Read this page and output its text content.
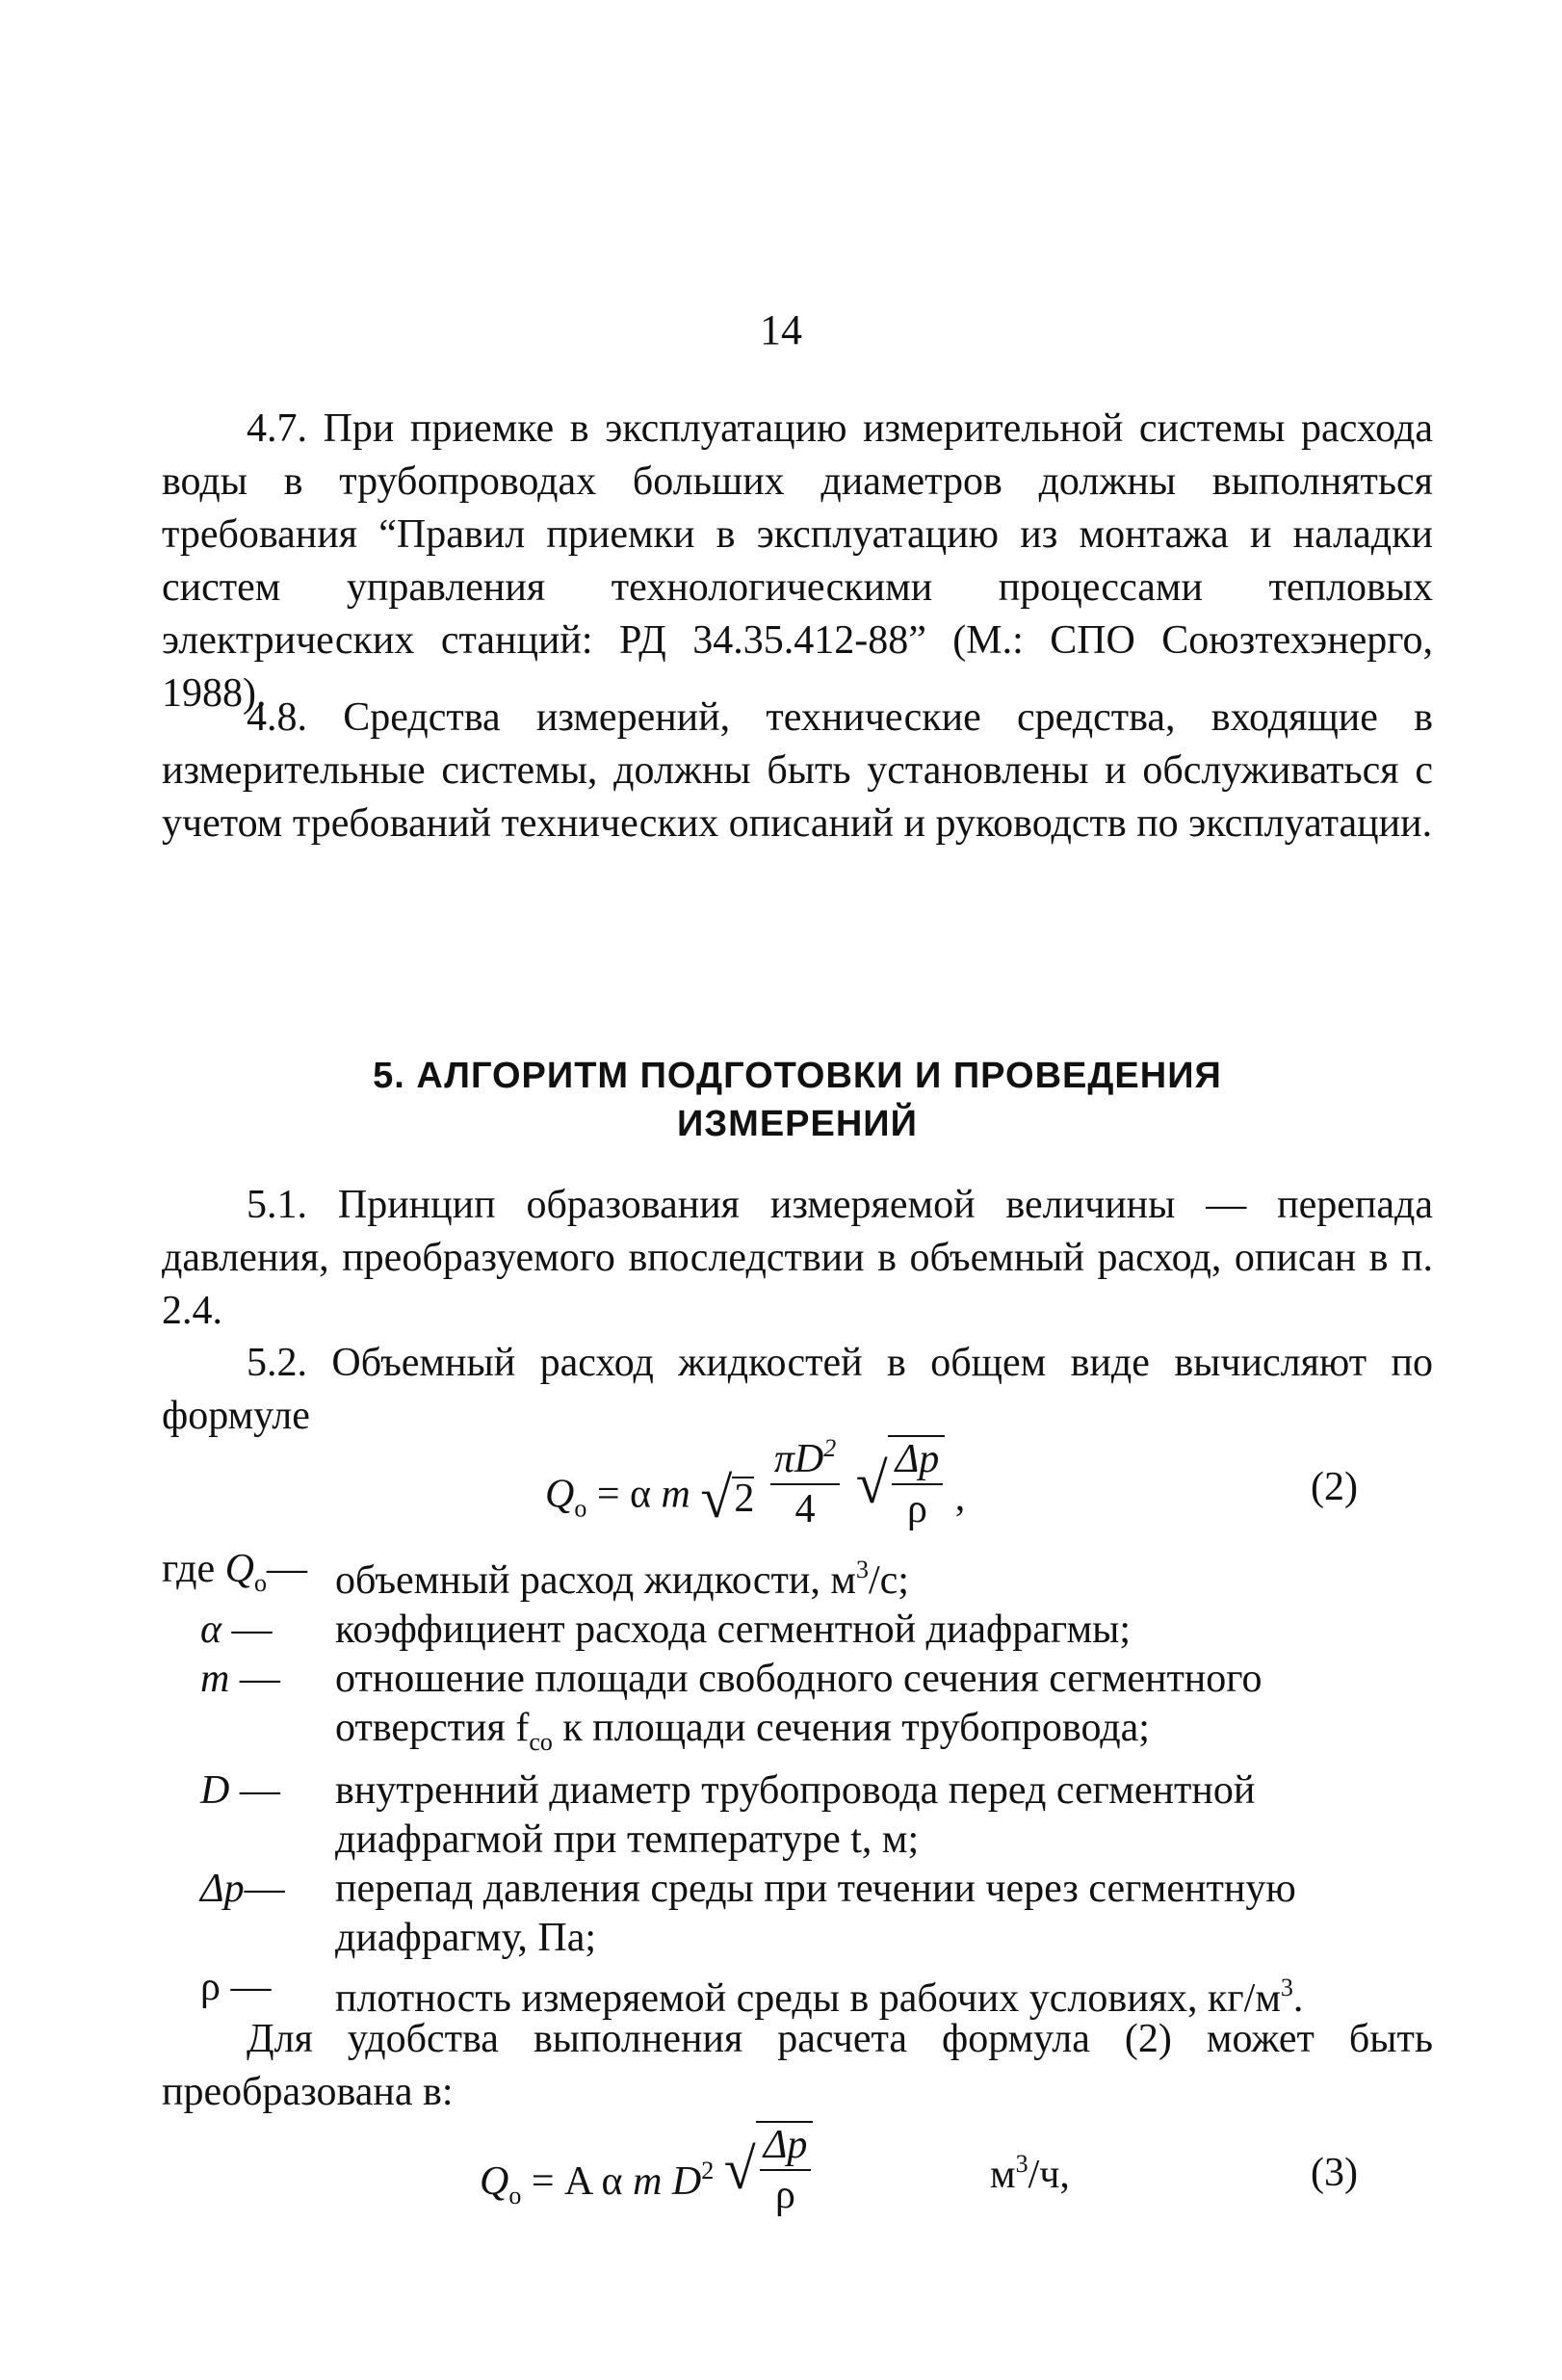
14

4.7. При приемке в эксплуатацию измерительной системы расхода воды в трубопроводах больших диаметров должны выполняться требования “Правил приемки в эксплуатацию из монтажа и наладки систем управления технологическими процессами тепловых электрических станций: РД 34.35.412-88” (М.: СПО Союзтехэнерго, 1988).

4.8. Средства измерений, технические средства, входящие в измерительные системы, должны быть установлены и обслуживаться с учетом требований технических описаний и руководств по эксплуатации.

5. АЛГОРИТМ ПОДГОТОВКИ И ПРОВЕДЕНИЯ
ИЗМЕРЕНИЙ

5.1. Принцип образования измеряемой величины — перепада давления, преобразуемого впоследствии в объемный расход, описан в п. 2.4.

5.2. Объемный расход жидкостей в общем виде вычисляют по формуле

$Q_о = \alpha$ m $√2 \frac{\pi D^2}{4}$ √ $\frac{\Delta p}{\rho}$ ,	(2)
где $Q_о—$ объемный расход жидкости, $м^3/с$;
α —	коэффициент расхода сегментной диафрагмы;
m —	отношение площади свободного сечения сегментного
отверстия $f_{со}$ к площади сечения трубопровода;
D —	внутренний диаметр трубопровода перед сегментной
диафрагмой при температуре t, м;
Δp—	перепад давления среды при течении через сегментную
диафрагму, Па;
ρ —	плотность измеряемой среды в рабочих условиях, $кг/м^3$.

Для удобства выполнения расчета формула (2) может быть преобразована в:

$Q_о = A$ α m $D^2$ √ $\frac{\Delta p}{\rho}$	$м^3/ч$,	(3)
